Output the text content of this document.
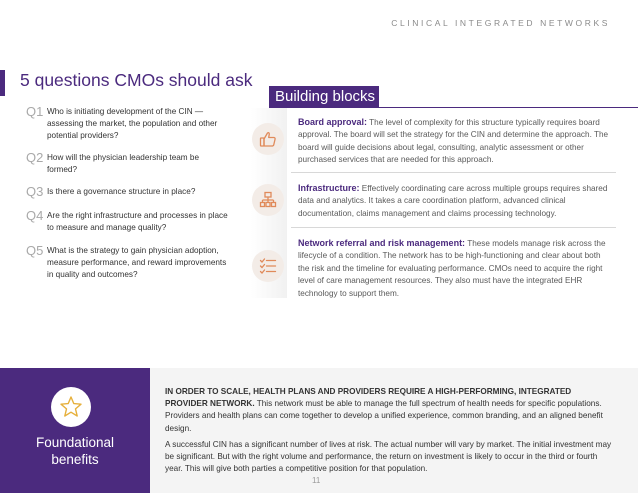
CLINICAL INTEGRATED NETWORKS
5 questions CMOs should ask
Q1 Who is initiating development of the CIN — assessing the market, the population and other potential providers?
Q2 How will the physician leadership team be formed?
Q3 Is there a governance structure in place?
Q4 Are the right infrastructure and processes in place to measure and manage quality?
Q5 What is the strategy to gain physician adoption, measure performance, and reward improvements in quality and outcomes?
Building blocks
Board approval: The level of complexity for this structure typically requires board approval. The board will set the strategy for the CIN and determine the approach. The board will guide decisions about legal, consulting, analytic assessment or other purchased services that are needed for this approach.
Infrastructure: Effectively coordinating care across multiple groups requires shared data and analytics. It takes a care coordination platform, advanced clinical documentation, claims management and claims processing technology.
Network referral and risk management: These models manage risk across the lifecycle of a condition. The network has to be high-functioning and clear about both the risk and the timeline for evaluating performance. CMOs need to acquire the right level of care management resources. They also must have the integrated EHR technology to support them.
Foundational
benefits
IN ORDER TO SCALE, HEALTH PLANS AND PROVIDERS REQUIRE A HIGH-PERFORMING, INTEGRATED PROVIDER NETWORK. This network must be able to manage the full spectrum of health needs for specific populations. Providers and health plans can come together to develop a unified experience, common branding, and an aligned benefit design.
A successful CIN has a significant number of lives at risk. The actual number will vary by market. The initial investment may be significant. But with the right volume and performance, the return on investment is likely to occur in the third or fourth year. This will give both parties a competitive position for that population.
11
